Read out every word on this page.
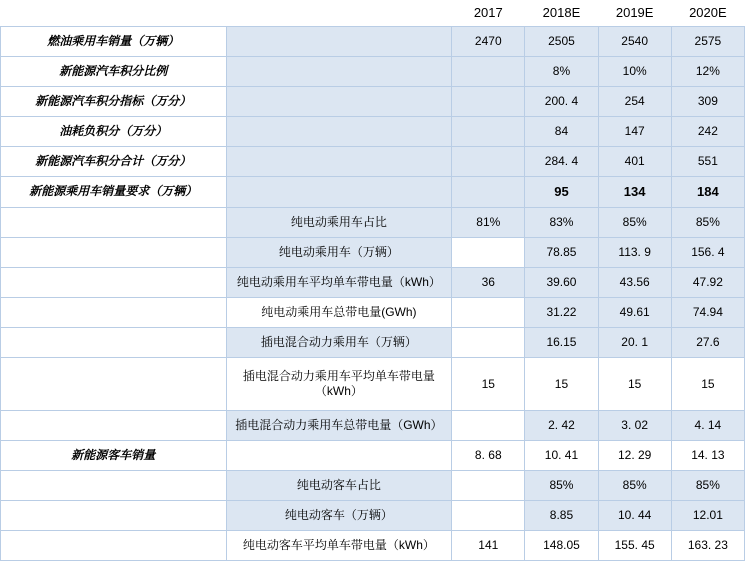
		2017	2018E	2019E	2020E
燃油乘用车销量（万辆）		2470	2505	2540	2575
新能源汽车积分比例			8%	10%	12%
新能源汽车积分指标（万分）			200. 4	254	309
油耗负积分（万分）			84	147	242
新能源汽车积分合计（万分）			284. 4	401	551
新能源乘用车销量要求（万辆）			95	134	184
	纯电动乘用车占比	81%	83%	85%	85%
	纯电动乘用车（万辆）		78.85	113. 9	156. 4
	纯电动乘用车平均单车带电量（kWh）	36	39.60	43.56	47.92
	纯电动乘用车总带电量(GWh)		31.22	49.61	74.94
	插电混合动力乘用车（万辆）		16.15	20. 1	27.6
	插电混合动力乘用车平均单车带电量（kWh）	15	15	15	15
	插电混合动力乘用车总带电量（GWh）		2. 42	3. 02	4. 14
新能源客车销量		8. 68	10. 41	12. 29	14. 13
	纯电动客车占比		85%	85%	85%
	纯电动客车（万辆）		8.85	10. 44	12.01
	纯电动客车平均单车带电量（kWh）	141	148.05	155. 45	163. 23
